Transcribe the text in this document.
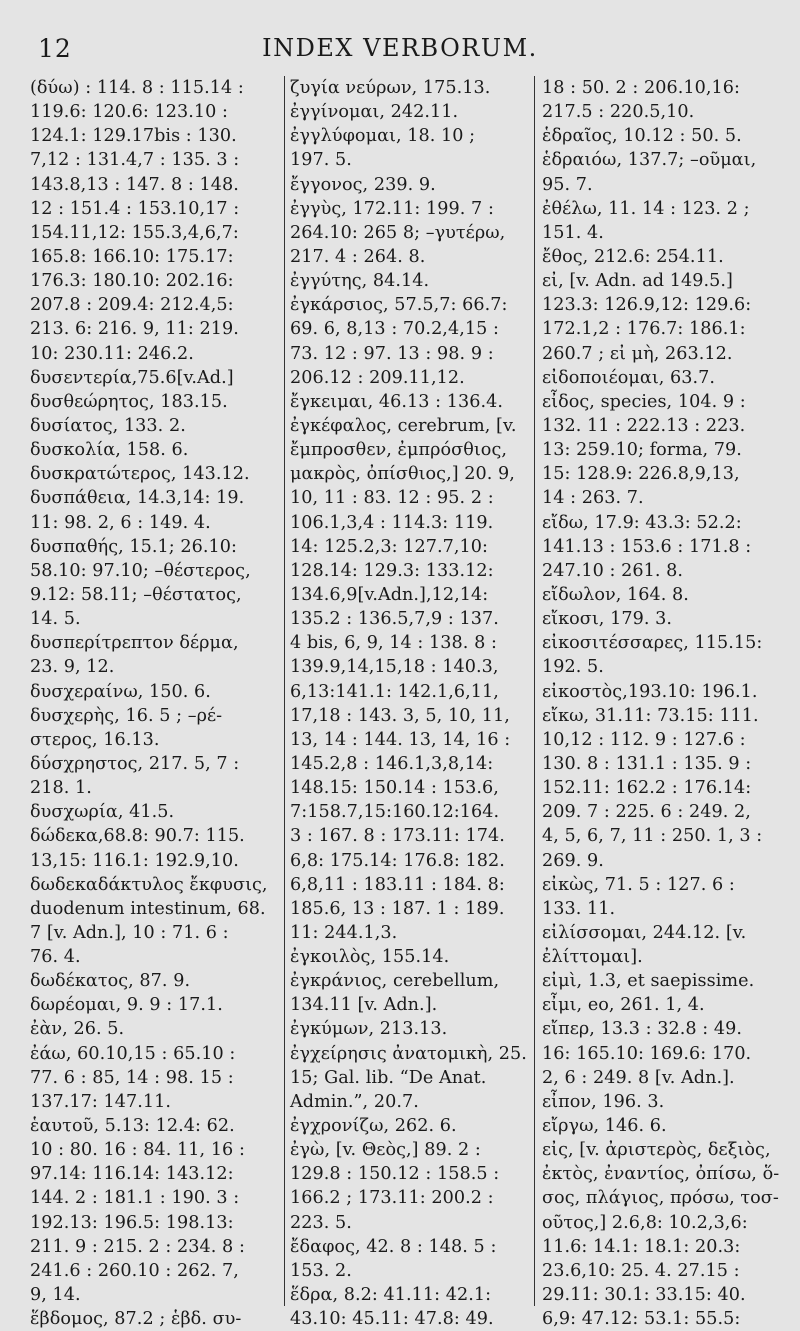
12	INDEX VERBORUM.
(δύω) : 114. 8 : 115.14 :
119.6: 120.6: 123.10 :
124.1: 129.17bis : 130.
7,12 : 131.4,7 : 135. 3 :
143.8,13 : 147. 8 : 148.
12 : 151.4 : 153.10,17 :
154.11,12: 155.3,4,6,7:
165.8: 166.10: 175.17:
176.3: 180.10: 202.16:
207.8 : 209.4: 212.4,5:
213. 6: 216. 9, 11: 219.
10: 230.11: 246.2.
δυσεντερία,75.6[v.Ad.]
δυσθεώρητος, 183.15.
δυσίατος, 133. 2.
δυσκολία, 158. 6.
δυσκρατώτερος, 143.12.
δυσπάθεια, 14.3,14: 19.
11: 98. 2, 6 : 149. 4.
δυσπαθής, 15.1; 26.10:
58.10: 97.10; –θέστερος,
9.12: 58.11; –θέστατος,
14. 5.
δυσπερίτρεπτον δέρμα,
23. 9, 12.
δυσχεραίνω, 150. 6.
δυσχερὴς, 16. 5 ; –ρέ-
στερος, 16.13.
δύσχρηστος, 217. 5, 7 :
218. 1.
δυσχωρία, 41.5.
δώδεκα,68.8: 90.7: 115.
13,15: 116.1: 192.9,10.
δωδεκαδάκτυλος ἔκφυσις,
duodenum intestinum, 68.
7 [v. Adn.], 10 : 71. 6 :
76. 4.
δωδέκατος, 87. 9.
δωρέομαι, 9. 9 : 17.1.
ἐὰν, 26. 5.
ἐάω, 60.10,15 : 65.10 :
77. 6 : 85, 14 : 98. 15 :
137.17: 147.11.
ἑαυτοῦ, 5.13: 12.4: 62.
10 : 80. 16 : 84. 11, 16 :
97.14: 116.14: 143.12:
144. 2 : 181.1 : 190. 3 :
192.13: 196.5: 198.13:
211. 9 : 215. 2 : 234. 8 :
241.6 : 260.10 : 262. 7,
9, 14.
ἕβδομος, 87.2 ; ἑβδ. συ-
ζυγία νεύρων, 175.13.
ἐγγίνομαι, 242.11.
ἐγγλύφομαι, 18. 10 ;
197. 5.
ἔγγονος, 239. 9.
ἐγγὺς, 172.11: 199. 7 :
264.10: 265 8; –γυτέρω,
217. 4 : 264. 8.
ἐγγύτης, 84.14.
ἐγκάρσιος, 57.5,7: 66.7:
69. 6, 8,13 : 70.2,4,15 :
73. 12 : 97. 13 : 98. 9 :
206.12 : 209.11,12.
ἔγκειμαι, 46.13 : 136.4.
ἐγκέφαλος, cerebrum, [v.
ἔμπροσθεν, ἐμπρόσθιος,
μακρὸς, ὀπίσθιος,] 20. 9,
10, 11 : 83. 12 : 95. 2 :
106.1,3,4 : 114.3: 119.
14: 125.2,3: 127.7,10:
128.14: 129.3: 133.12:
134.6,9[v.Adn.],12,14:
135.2 : 136.5,7,9 : 137.
4 bis, 6, 9, 14 : 138. 8 :
139.9,14,15,18 : 140.3,
6,13:141.1: 142.1,6,11,
17,18 : 143. 3, 5, 10, 11,
13, 14 : 144. 13, 14, 16 :
145.2,8 : 146.1,3,8,14:
148.15: 150.14 : 153.6,
7:158.7,15:160.12:164.
3 : 167. 8 : 173.11: 174.
6,8: 175.14: 176.8: 182.
6,8,11 : 183.11 : 184. 8:
185.6, 13 : 187. 1 : 189.
11: 244.1,3.
ἐγκοιλὸς, 155.14.
ἐγκράνιος, cerebellum,
134.11 [v. Adn.].
ἐγκύμων, 213.13.
ἐγχείρησις ἀνατομικὴ, 25.
15; Gal. lib. “De Anat.
Admin.”, 20.7.
ἐγχρονίζω, 262. 6.
ἐγὼ, [v. Θεὸς,] 89. 2 :
129.8 : 150.12 : 158.5 :
166.2 ; 173.11: 200.2 :
223. 5.
ἔδαφος, 42. 8 : 148. 5 :
153. 2.
ἕδρα, 8.2: 41.11: 42.1:
43.10: 45.11: 47.8: 49.
18 : 50. 2 : 206.10,16:
217.5 : 220.5,10.
ἑδραῖος, 10.12 : 50. 5.
ἑδραιόω, 137.7; –οῦμαι,
95. 7.
ἐθέλω, 11. 14 : 123. 2 ;
151. 4.
ἔθος, 212.6: 254.11.
εἰ, [v. Adn. ad 149.5.]
123.3: 126.9,12: 129.6:
172.1,2 : 176.7: 186.1:
260.7 ; εἰ μὴ, 263.12.
εἰδοποιέομαι, 63.7.
εἶδος, species, 104. 9 :
132. 11 : 222.13 : 223.
13: 259.10; forma, 79.
15: 128.9: 226.8,9,13,
14 : 263. 7.
εἴδω, 17.9: 43.3: 52.2:
141.13 : 153.6 : 171.8 :
247.10 : 261. 8.
εἴδωλον, 164. 8.
εἴκοσι, 179. 3.
εἰκοσιτέσσαρες, 115.15:
192. 5.
εἰκοστὸς,193.10: 196.1.
εἴκω, 31.11: 73.15: 111.
10,12 : 112. 9 : 127.6 :
130. 8 : 131.1 : 135. 9 :
152.11: 162.2 : 176.14:
209. 7 : 225. 6 : 249. 2,
4, 5, 6, 7, 11 : 250. 1, 3 :
269. 9.
εἰκὼς, 71. 5 : 127. 6 :
133. 11.
εἰλίσσομαι, 244.12. [v.
ἐλίττομαι].
εἰμὶ, 1.3, et saepissime.
εἶμι, eo, 261. 1, 4.
εἴπερ, 13.3 : 32.8 : 49.
16: 165.10: 169.6: 170.
2, 6 : 249. 8 [v. Adn.].
εἶπον, 196. 3.
εἴργω, 146. 6.
εἰς, [v. ἀριστερὸς, δεξιὸς,
ἐκτὸς, ἐναντίος, ὀπίσω, ὅ-
σος, πλάγιος, πρόσω, τοσ-
οῦτος,] 2.6,8: 10.2,3,6:
11.6: 14.1: 18.1: 20.3:
23.6,10: 25. 4. 27.15 :
29.11: 30.1: 33.15: 40.
6,9: 47.12: 53.1: 55.5:
